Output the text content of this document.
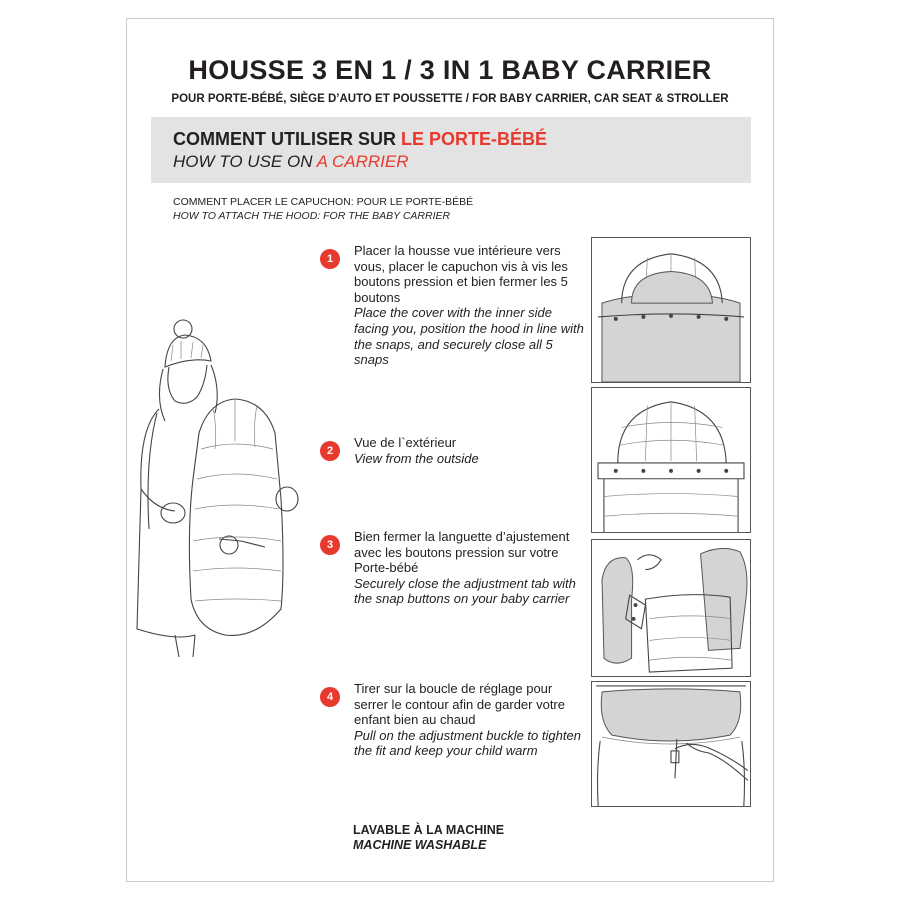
HOUSSE 3 EN 1 / 3 IN 1 BABY CARRIER
POUR PORTE-BÉBÉ, SIÈGE D’AUTO ET POUSSETTE / FOR BABY CARRIER, CAR SEAT & STROLLER
COMMENT UTILISER SUR LE PORTE-BÉBÉ
HOW TO USE ON A CARRIER
COMMENT PLACER LE CAPUCHON: POUR LE PORTE-BÉBÉ
HOW TO ATTACH THE HOOD: FOR THE BABY CARRIER
1
Placer la housse vue intérieure vers vous, placer le capuchon vis à vis les boutons pression et bien fermer les 5 boutons
Place the cover with the inner side facing you, position the hood in line with the snaps, and securely close all 5 snaps
2
Vue de l`extérieur
View from the outside
3
Bien fermer la languette d’ajustement avec les boutons pression sur votre Porte-bébé
Securely close the adjustment tab with the snap buttons on your baby carrier
4
Tirer sur la boucle de réglage pour serrer le contour afin de garder votre enfant bien au chaud
Pull on the adjustment buckle to tighten the fit and keep your child warm
LAVABLE À LA MACHINE
MACHINE WASHABLE
